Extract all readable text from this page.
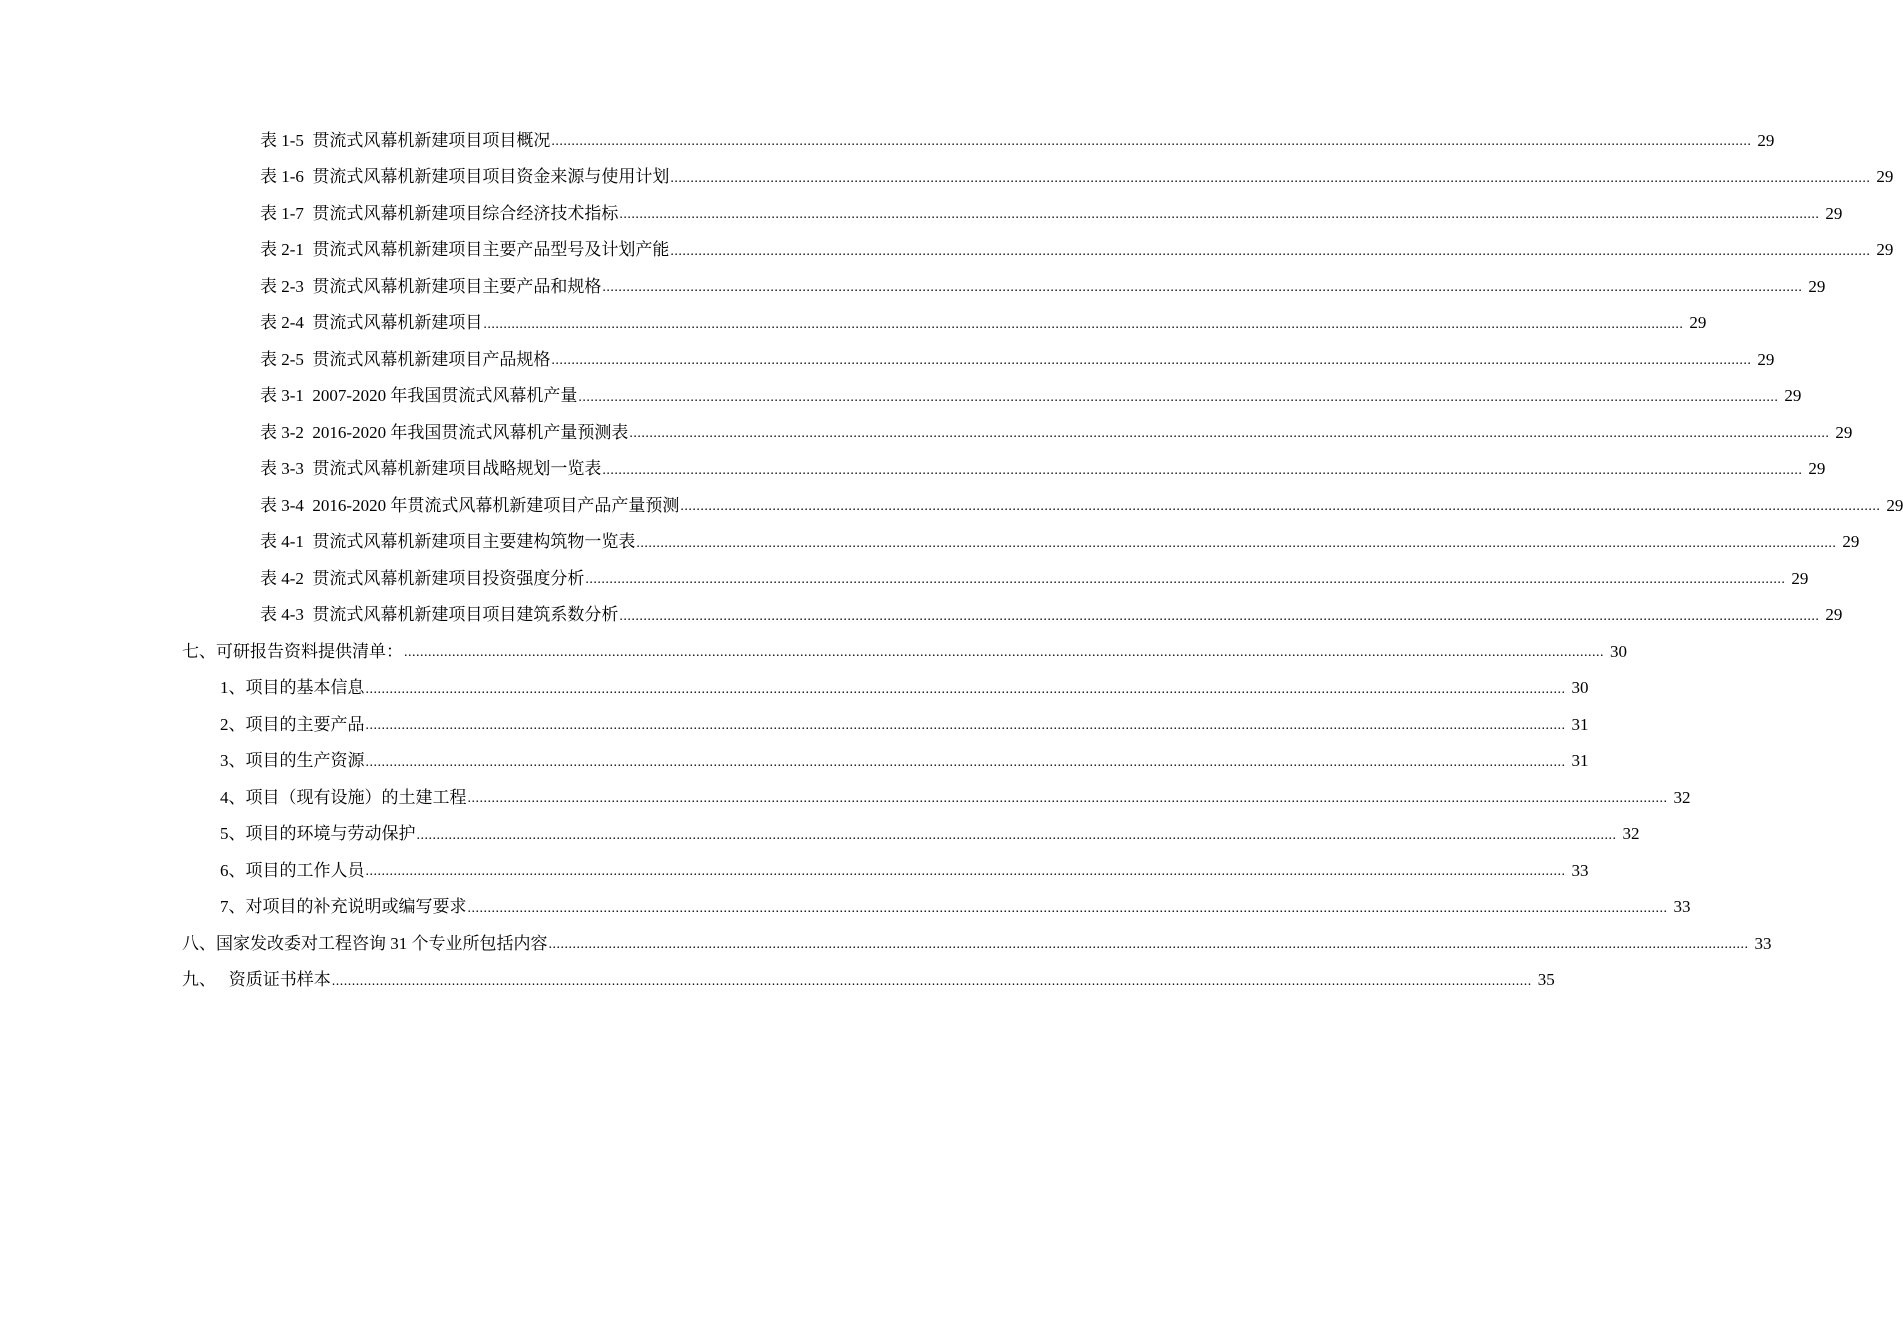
表 1-5  贯流式风幕机新建项目项目概况 ............................................................................................................................................................................................................................................................................................................ 29
表 1-6  贯流式风幕机新建项目项目资金来源与使用计划 ............................................................................................................................................................................................................................................................................................................ 29
表 1-7  贯流式风幕机新建项目综合经济技术指标 ............................................................................................................................................................................................................................................................................................................ 29
表 2-1  贯流式风幕机新建项目主要产品型号及计划产能 ............................................................................................................................................................................................................................................................................................................ 29
表 2-3  贯流式风幕机新建项目主要产品和规格 ............................................................................................................................................................................................................................................................................................................ 29
表 2-4  贯流式风幕机新建项目 ............................................................................................................................................................................................................................................................................................................ 29
表 2-5  贯流式风幕机新建项目产品规格 ............................................................................................................................................................................................................................................................................................................ 29
表 3-1  2007-2020 年我国贯流式风幕机产量 ............................................................................................................................................................................................................................................................................................................ 29
表 3-2  2016-2020 年我国贯流式风幕机产量预测表 ............................................................................................................................................................................................................................................................................................................ 29
表 3-3  贯流式风幕机新建项目战略规划一览表 ............................................................................................................................................................................................................................................................................................................ 29
表 3-4  2016-2020 年贯流式风幕机新建项目产品产量预测 ............................................................................................................................................................................................................................................................................................................ 29
表 4-1  贯流式风幕机新建项目主要建构筑物一览表 ............................................................................................................................................................................................................................................................................................................ 29
表 4-2  贯流式风幕机新建项目投资强度分析 ............................................................................................................................................................................................................................................................................................................ 29
表 4-3  贯流式风幕机新建项目项目建筑系数分析 ............................................................................................................................................................................................................................................................................................................ 29
七、可研报告资料提供清单： ............................................................................................................................................................................................................................................................................................................ 30
1、项目的基本信息 ............................................................................................................................................................................................................................................................................................................ 30
2、项目的主要产品 ............................................................................................................................................................................................................................................................................................................ 31
3、项目的生产资源 ............................................................................................................................................................................................................................................................................................................ 31
4、项目（现有设施）的土建工程 ............................................................................................................................................................................................................................................................................................................ 32
5、项目的环境与劳动保护 ............................................................................................................................................................................................................................................................................................................ 32
6、项目的工作人员 ............................................................................................................................................................................................................................................................................................................ 33
7、对项目的补充说明或编写要求 ............................................................................................................................................................................................................................................................................................................ 33
八、国家发改委对工程咨询 31 个专业所包括内容 ............................................................................................................................................................................................................................................................................................................ 33
九、   资质证书样本 ............................................................................................................................................................................................................................................................................................................ 35
